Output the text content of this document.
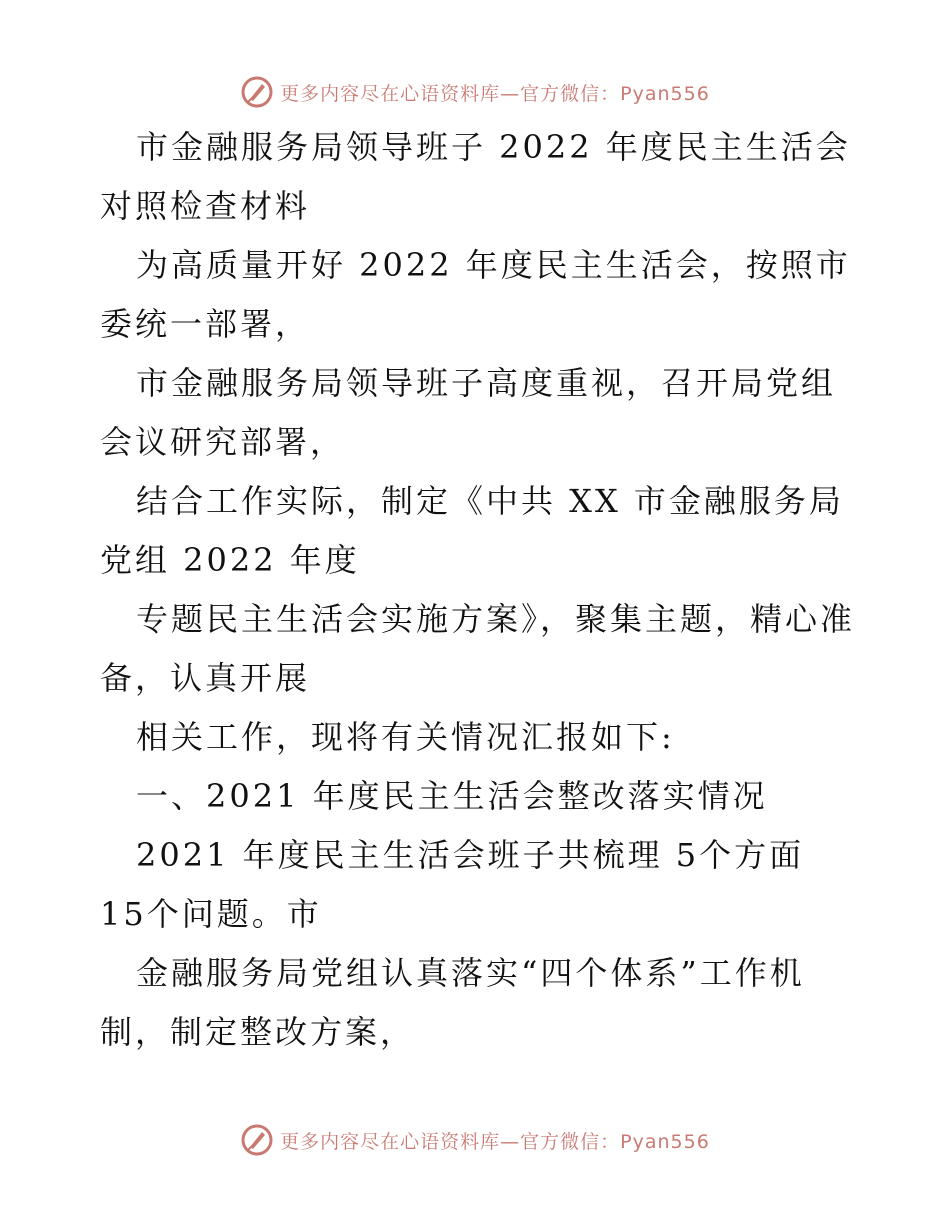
更多内容尽在心语资料库—官方微信：Pyan556

市金融服务局领导班子 2022 年度民主生活会对照检查材料

为高质量开好 2022 年度民主生活会，按照市委统一部署，

市金融服务局领导班子高度重视，召开局党组会议研究部署，

结合工作实际，制定《中共 XX 市金融服务局党组 2022 年度

专题民主生活会实施方案》，聚集主题，精心准备，认真开展

相关工作，现将有关情况汇报如下:

一、2021 年度民主生活会整改落实情况

2021 年度民主生活会班子共梳理 5个方面 15个问题。市

金融服务局党组认真落实“四个体系”工作机制，制定整改方案，

更多内容尽在心语资料库—官方微信：Pyan556
